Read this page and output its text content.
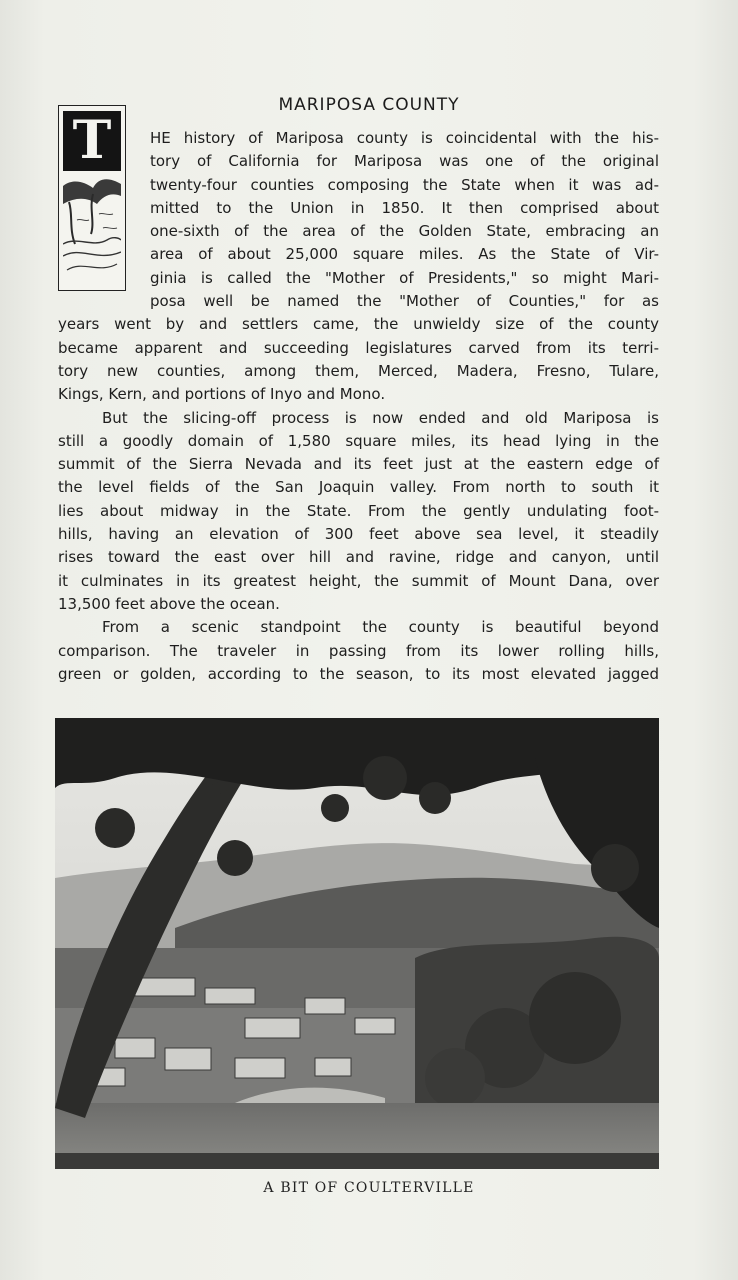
MARIPOSA COUNTY
T	HE history of Mariposa county is coincidental with the his-
tory of California for Mariposa was one of the original
twenty-four counties composing the State when it was ad-
mitted to the Union in 1850. It then comprised about
one-sixth of the area of the Golden State, embracing an
area of about 25,000 square miles. As the State of Vir-
ginia is called the "Mother of Presidents," so might Mari-
posa well be named the "Mother of Counties," for as
years went by and settlers came, the unwieldy size of the county
became apparent and succeeding legislatures carved from its terri-
tory new counties, among them, Merced, Madera, Fresno, Tulare,
Kings, Kern, and portions of Inyo and Mono.
But the slicing-off process is now ended and old Mariposa is
still a goodly domain of 1,580 square miles, its head lying in the
summit of the Sierra Nevada and its feet just at the eastern edge of
the level fields of the San Joaquin valley. From north to south it
lies about midway in the State. From the gently undulating foot-
hills, having an elevation of 300 feet above sea level, it steadily
rises toward the east over hill and ravine, ridge and canyon, until
it culminates in its greatest height, the summit of Mount Dana, over
13,500 feet above the ocean.
From a scenic standpoint the county is beautiful beyond
comparison. The traveler in passing from its lower rolling hills,
green or golden, according to the season, to its most elevated jagged
A BIT OF COULTERVILLE
